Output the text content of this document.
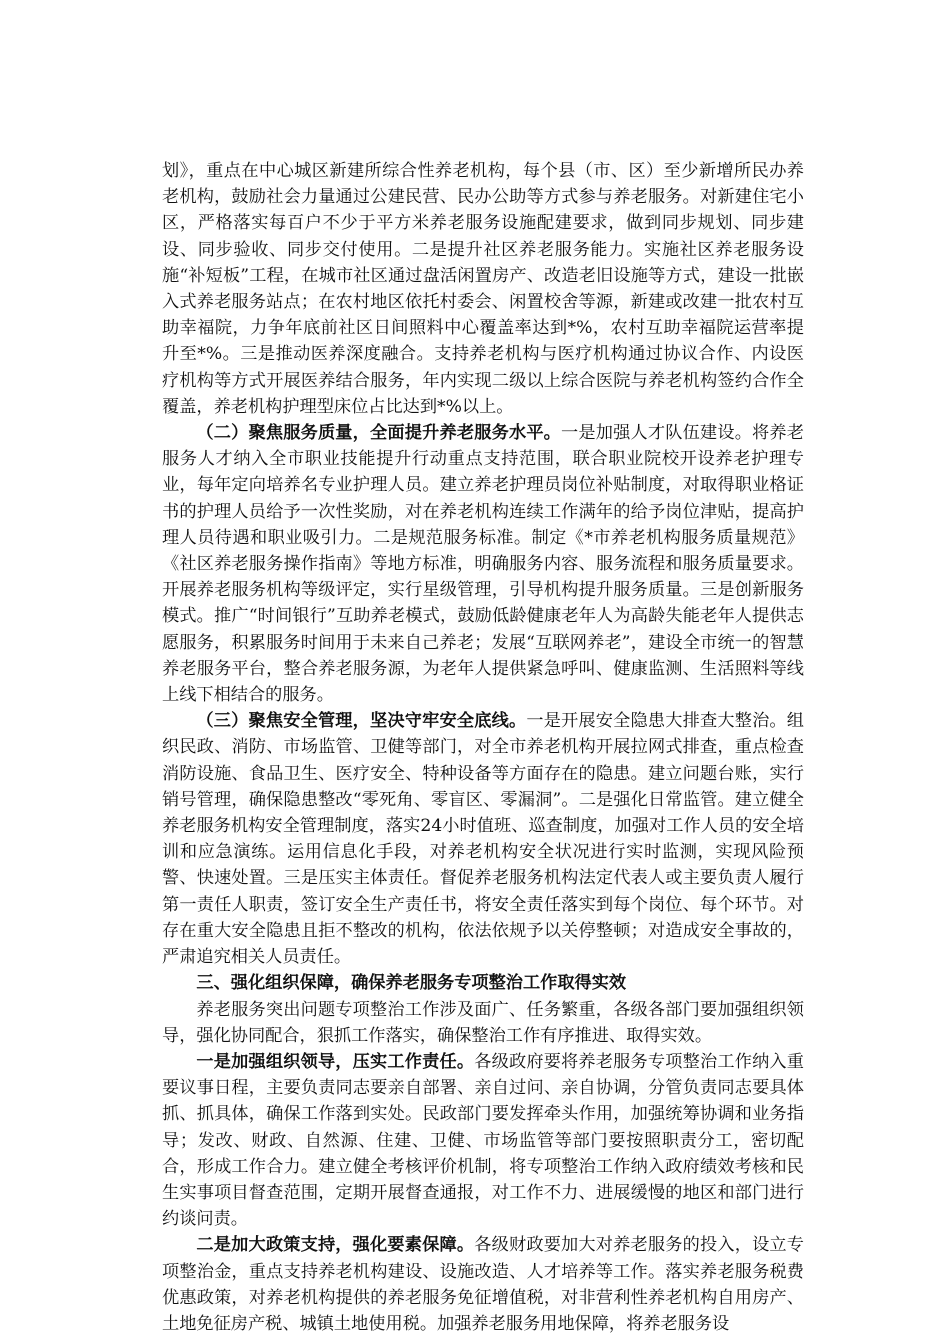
划》，重点在中心城区新建所综合性养老机构，每个县（市、区）至少新增所民办养老机构，鼓励社会力量通过公建民营、民办公助等方式参与养老服务。对新建住宅小区，严格落实每百户不少于平方米养老服务设施配建要求，做到同步规划、同步建设、同步验收、同步交付使用。二是提升社区养老服务能力。实施社区养老服务设施“补短板”工程，在城市社区通过盘活闲置房产、改造老旧设施等方式，建设一批嵌入式养老服务站点；在农村地区依托村委会、闲置校舍等源，新建或改建一批农村互助幸福院，力争年底前社区日间照料中心覆盖率达到*%，农村互助幸福院运营率提升至*%。三是推动医养深度融合。支持养老机构与医疗机构通过协议合作、内设医疗机构等方式开展医养结合服务，年内实现二级以上综合医院与养老机构签约合作全覆盖，养老机构护理型床位占比达到*%以上。

（二）聚焦服务质量，全面提升养老服务水平。一是加强人才队伍建设。将养老服务人才纳入全市职业技能提升行动重点支持范围，联合职业院校开设养老护理专业，每年定向培养名专业护理人员。建立养老护理员岗位补贴制度，对取得职业格证书的护理人员给予一次性奖励，对在养老机构连续工作满年的给予岗位津贴，提高护理人员待遇和职业吸引力。二是规范服务标准。制定《*市养老机构服务质量规范》《社区养老服务操作指南》等地方标准，明确服务内容、服务流程和服务质量要求。开展养老服务机构等级评定，实行星级管理，引导机构提升服务质量。三是创新服务模式。推广“时间银行”互助养老模式，鼓励低龄健康老年人为高龄失能老年人提供志愿服务，积累服务时间用于未来自己养老；发展“互联网养老”，建设全市统一的智慧养老服务平台，整合养老服务源，为老年人提供紧急呼叫、健康监测、生活照料等线上线下相结合的服务。

（三）聚焦安全管理，坚决守牢安全底线。一是开展安全隐患大排查大整治。组织民政、消防、市场监管、卫健等部门，对全市养老机构开展拉网式排查，重点检查消防设施、食品卫生、医疗安全、特种设备等方面存在的隐患。建立问题台账，实行销号管理，确保隐患整改“零死角、零盲区、零漏洞”。二是强化日常监管。建立健全养老服务机构安全管理制度，落实24小时值班、巡查制度，加强对工作人员的安全培训和应急演练。运用信息化手段，对养老机构安全状况进行实时监测，实现风险预警、快速处置。三是压实主体责任。督促养老服务机构法定代表人或主要负责人履行第一责任人职责，签订安全生产责任书，将安全责任落实到每个岗位、每个环节。对存在重大安全隐患且拒不整改的机构，依法依规予以关停整顿；对造成安全事故的，严肃追究相关人员责任。

三、强化组织保障，确保养老服务专项整治工作取得实效

养老服务突出问题专项整治工作涉及面广、任务繁重，各级各部门要加强组织领导，强化协同配合，狠抓工作落实，确保整治工作有序推进、取得实效。

一是加强组织领导，压实工作责任。各级政府要将养老服务专项整治工作纳入重要议事日程，主要负责同志要亲自部署、亲自过问、亲自协调，分管负责同志要具体抓、抓具体，确保工作落到实处。民政部门要发挥牵头作用，加强统筹协调和业务指导；发改、财政、自然源、住建、卫健、市场监管等部门要按照职责分工，密切配合，形成工作合力。建立健全考核评价机制，将专项整治工作纳入政府绩效考核和民生实事项目督查范围，定期开展督查通报，对工作不力、进展缓慢的地区和部门进行约谈问责。

二是加大政策支持，强化要素保障。各级财政要加大对养老服务的投入，设立专项整治金，重点支持养老机构建设、设施改造、人才培养等工作。落实养老服务税费优惠政策，对养老机构提供的养老服务免征增值税，对非营利性养老机构自用房产、土地免征房产税、城镇土地使用税。加强养老服务用地保障，将养老服务设
